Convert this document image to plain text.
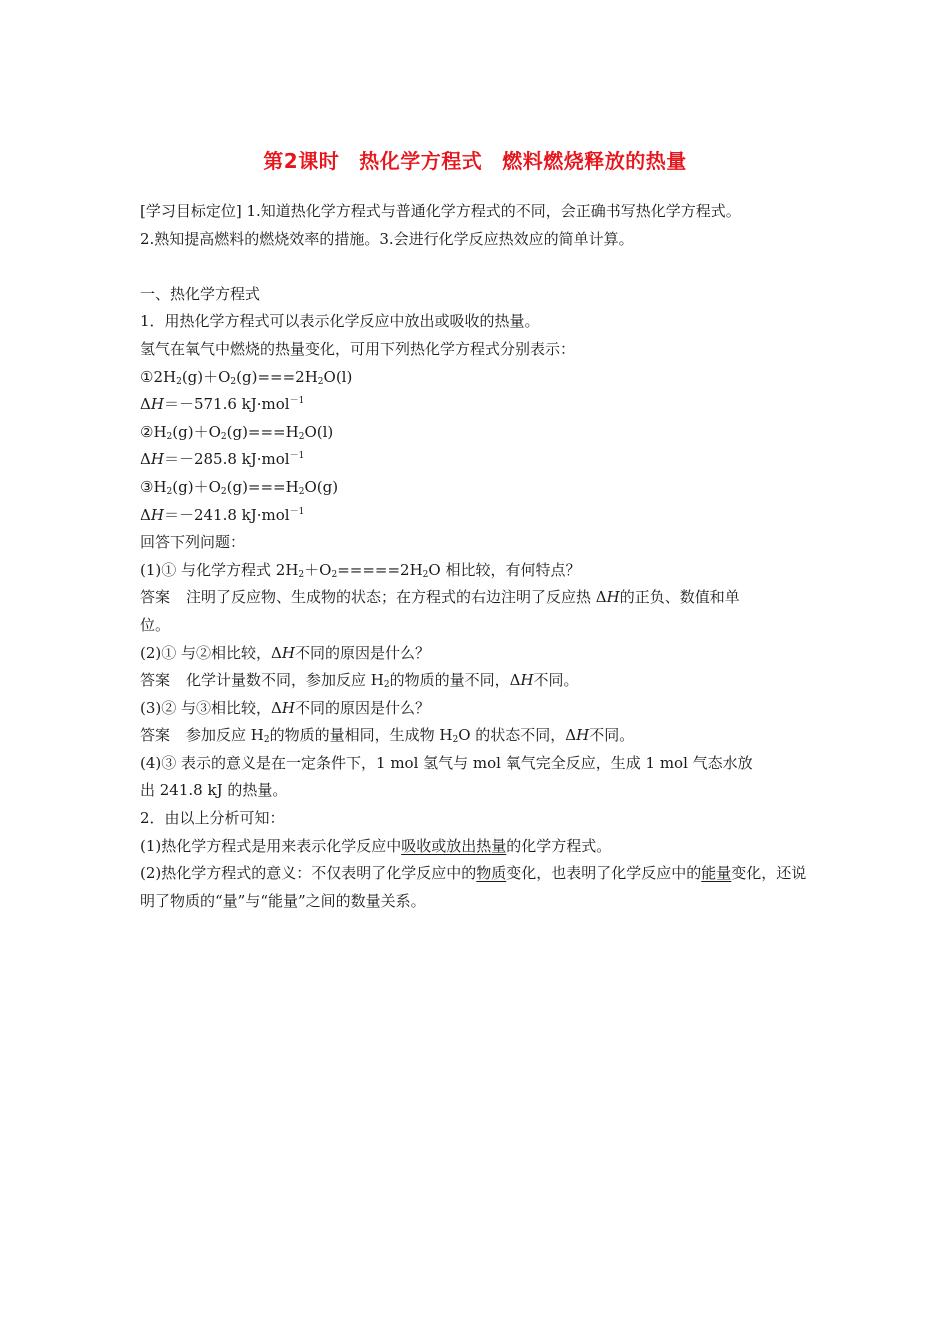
第2课时 热化学方程式 燃料燃烧释放的热量
[学习目标定位] 1.知道热化学方程式与普通化学方程式的不同，会正确书写热化学方程式。
2.熟知提高燃料的燃烧效率的措施。3.会进行化学反应热效应的简单计算。
一、热化学方程式
1．用热化学方程式可以表示化学反应中放出或吸收的热量。
氢气在氧气中燃烧的热量变化，可用下列热化学方程式分别表示：
$①2H_2(g)+O_2(g)===2H_2O(l)$
ΔH＝－571.6 kJ·mol$^{-1}$
$②H_2(g)+O_2(g)===H_2O(l)$
ΔH＝－285.8 kJ·mol$^{-1}$
$③H_2(g)+O_2(g)===H_2O(g)$
ΔH＝－241.8 kJ·mol$^{-1}$
回答下列问题：
(1)① 与化学方程式 $2H_2+O_2=====2H_2O$ 相比较，有何特点？
答案 注明了反应物、生成物的状态；在方程式的右边注明了反应热 ΔH的正负、数值和单
位。
(2)① 与②相比较，ΔH不同的原因是什么？
答案 化学计量数不同，参加反应 $H_2$的物质的量不同，ΔH不同。
(3)② 与③相比较，ΔH不同的原因是什么？
答案 参加反应 $H_2$的物质的量相同，生成物 $H_2O$ 的状态不同，ΔH不同。
(4)③ 表示的意义是在一定条件下，1 mol 氢气与 mol 氧气完全反应，生成 1 mol 气态水放
出 241.8 kJ 的热量。
2．由以上分析可知：
(1)热化学方程式是用来表示化学反应中吸收或放出热量的化学方程式。
(2)热化学方程式的意义：不仅表明了化学反应中的物质变化，也表明了化学反应中的能量变化，还说明了物质的“量”与“能量”之间的数量关系。
